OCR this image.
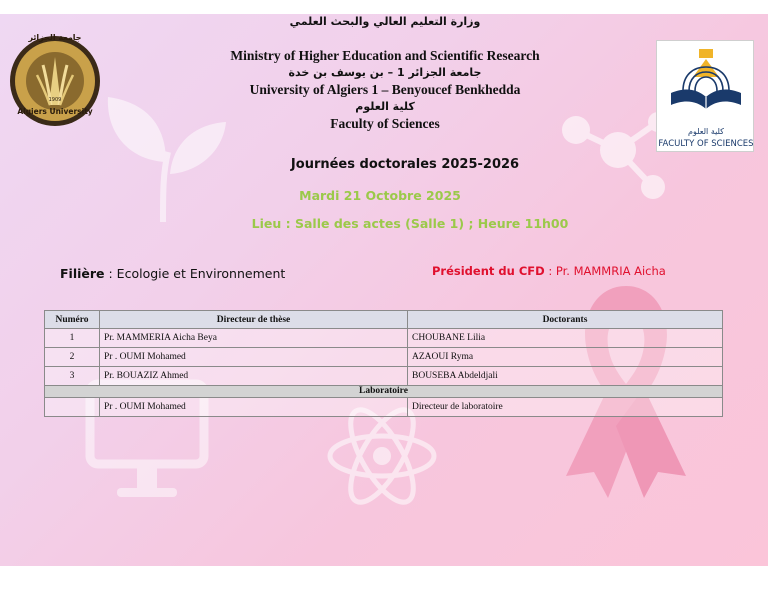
جامعة الجزائر
Algiers University
1909
كلية العلوم
FACULTY OF SCIENCES
وزارة التعليم العالي والبحث العلمي
Ministry of Higher Education and Scientific Research
جامعة الجزائر 1 – بن يوسف بن خدة
University of Algiers 1 – Benyoucef Benkhedda
كلية العلوم
Faculty of Sciences
Journées doctorales 2025-2026
Mardi 21 Octobre 2025
Lieu : Salle des actes (Salle 1) ; Heure 11h00
Filière : Ecologie et Environnement	Président du CFD : Pr. MAMMRIA Aicha
Numéro	Directeur de thèse	Doctorants
1	Pr. MAMMERIA Aicha Beya	CHOUBANE Lilia
2	Pr . OUMI Mohamed	AZAOUI Ryma
3	Pr. BOUAZIZ Ahmed	BOUSEBA Abdeldjali
Laboratoire		
	Pr . OUMI Mohamed	Directeur de laboratoire
